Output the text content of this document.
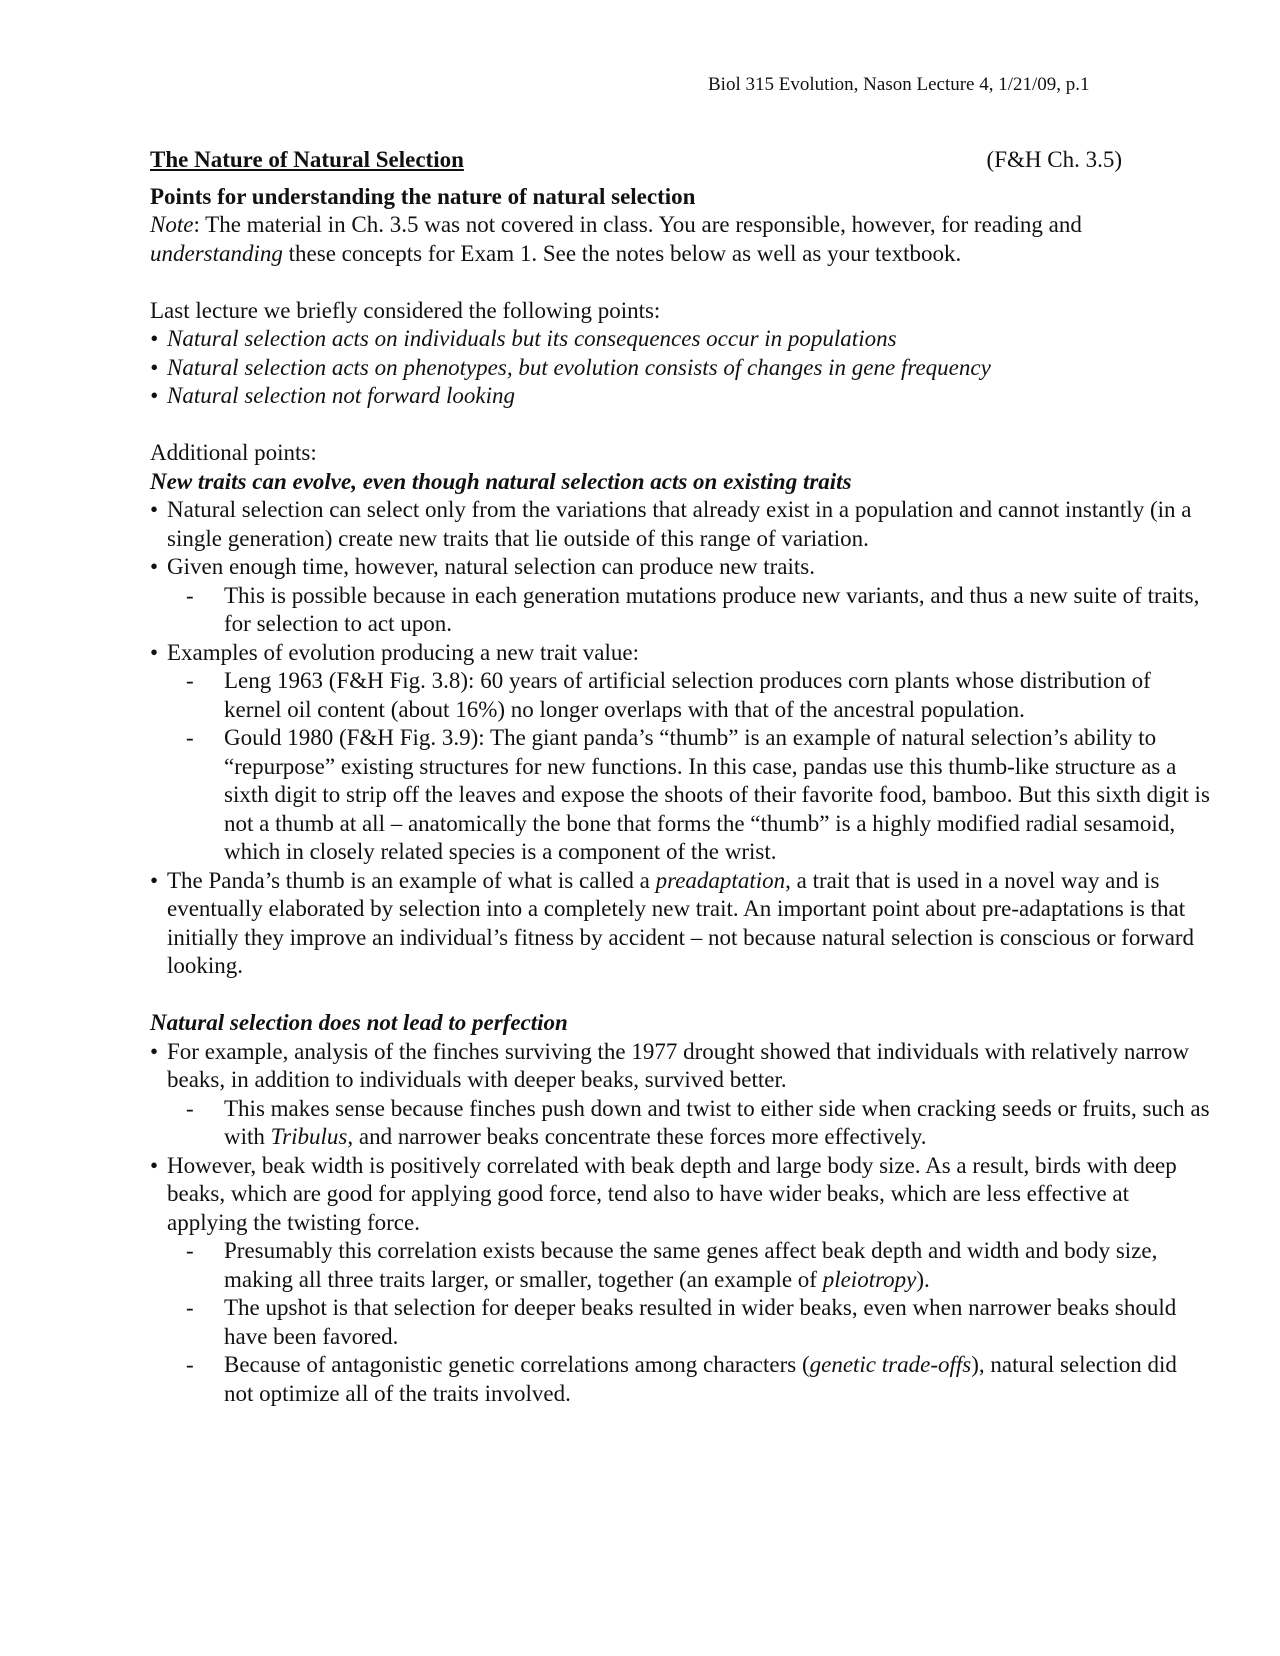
Biol 315 Evolution, Nason Lecture 4, 1/21/09, p.1
The Nature of Natural Selection	(F&H Ch. 3.5)

Points for understanding the nature of natural selection

Note: The material in Ch. 3.5 was not covered in class. You are responsible, however, for reading and
understanding these concepts for Exam 1. See the notes below as well as your textbook.

Last lecture we briefly considered the following points:

• Natural selection acts on individuals but its consequences occur in populations

• Natural selection acts on phenotypes, but evolution consists of changes in gene frequency

• Natural selection not forward looking

Additional points:

New traits can evolve, even though natural selection acts on existing traits

• Natural selection can select only from the variations that already exist in a population and cannot instantly (in a single generation) create new traits that lie outside of this range of variation.

• Given enough time, however, natural selection can produce new traits.

- This is possible because in each generation mutations produce new variants, and thus a new suite of traits, for selection to act upon.

• Examples of evolution producing a new trait value:

- Leng 1963 (F&H Fig. 3.8): 60 years of artificial selection produces corn plants whose distribution of kernel oil content (about 16%) no longer overlaps with that of the ancestral population.

- Gould 1980 (F&H Fig. 3.9): The giant panda’s “thumb” is an example of natural selection’s ability to “repurpose” existing structures for new functions. In this case, pandas use this thumb-like structure as a sixth digit to strip off the leaves and expose the shoots of their favorite food, bamboo. But this sixth digit is not a thumb at all – anatomically the bone that forms the “thumb” is a highly modified radial sesamoid, which in closely related species is a component of the wrist.

• The Panda’s thumb is an example of what is called a preadaptation, a trait that is used in a novel way and is eventually elaborated by selection into a completely new trait. An important point about pre-adaptations is that initially they improve an individual’s fitness by accident – not because natural selection is conscious or forward looking.

Natural selection does not lead to perfection

• For example, analysis of the finches surviving the 1977 drought showed that individuals with relatively narrow beaks, in addition to individuals with deeper beaks, survived better.

- This makes sense because finches push down and twist to either side when cracking seeds or fruits, such as with Tribulus, and narrower beaks concentrate these forces more effectively.

• However, beak width is positively correlated with beak depth and large body size. As a result, birds with deep beaks, which are good for applying good force, tend also to have wider beaks, which are less effective at applying the twisting force.

- Presumably this correlation exists because the same genes affect beak depth and width and body size, making all three traits larger, or smaller, together (an example of pleiotropy).

- The upshot is that selection for deeper beaks resulted in wider beaks, even when narrower beaks should have been favored.

- Because of antagonistic genetic correlations among characters (genetic trade-offs), natural selection did not optimize all of the traits involved.
